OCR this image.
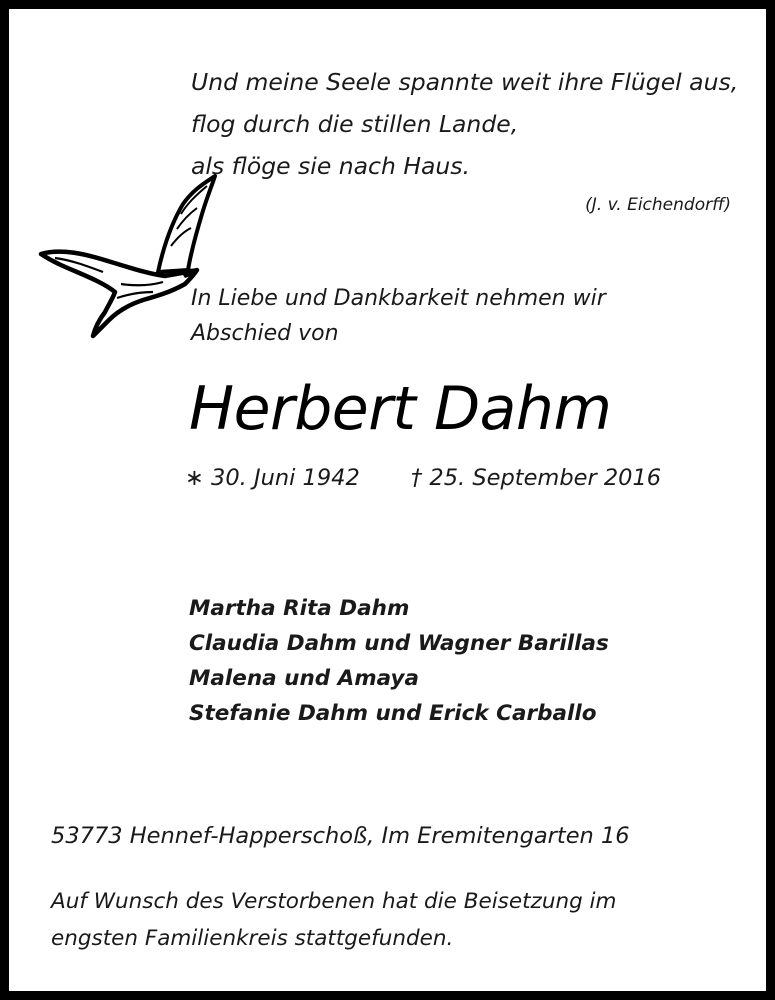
Und meine Seele spannte weit ihre Flügel aus,
flog durch die stillen Lande,
als flöge sie nach Haus.
(J. v. Eichendorff)
In Liebe und Dankbarkeit nehmen wir
Abschied von
Herbert Dahm
∗ 30. Juni 1942 † 25. September 2016
Martha Rita Dahm
Claudia Dahm und Wagner Barillas
Malena und Amaya
Stefanie Dahm und Erick Carballo
53773 Hennef-Happerschoß, Im Eremitengarten 16
Auf Wunsch des Verstorbenen hat die Beisetzung im
engsten Familienkreis stattgefunden.
